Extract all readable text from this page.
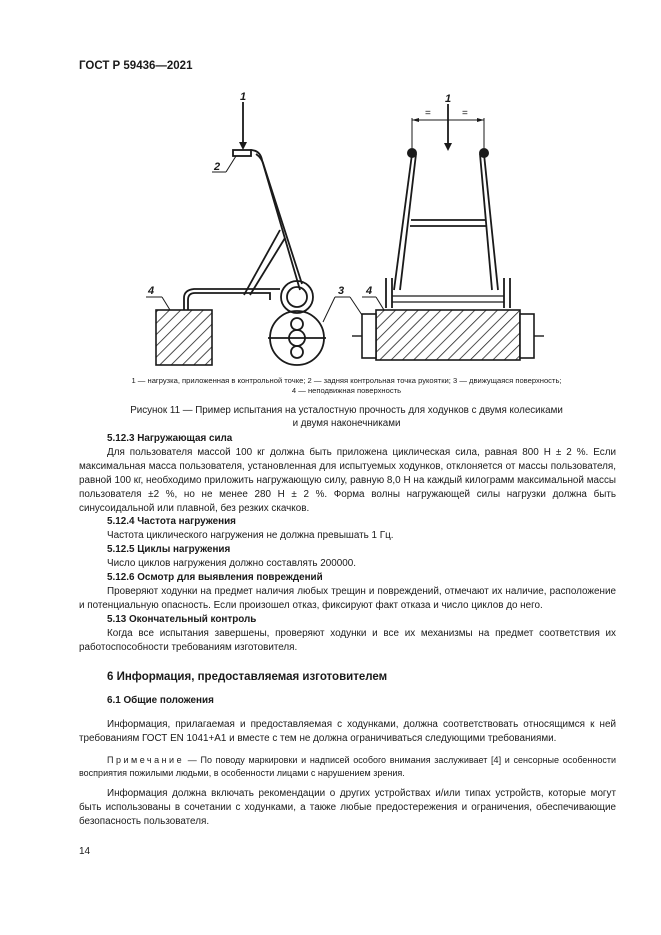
ГОСТ Р 59436—2021
4
1
2
3
=	=
1
4
1 — нагрузка, приложенная в контрольной точке; 2 — задняя контрольная точка рукоятки; 3 — движущаяся поверхность;
4 — неподвижная поверхность
Рисунок 11 — Пример испытания на усталостную прочность для ходунков с двумя колесиками
и двумя наконечниками

5.12.3 Нагружающая сила

Для пользователя массой 100 кг должна быть приложена циклическая сила, равная 800 Н ± 2 %. Если максимальная масса пользователя, установленная для испытуемых ходунков, отклоняется от массы пользователя, равной 100 кг, необходимо приложить нагружающую силу, равную 8,0 Н на каждый килограмм максимальной массы пользователя ±2 %, но не менее 280 Н ± 2 %. Форма волны нагружающей силы нагрузки должна быть синусоидальной или плавной, без резких скачков.

5.12.4 Частота нагружения

Частота циклического нагружения не должна превышать 1 Гц.

5.12.5 Циклы нагружения

Число циклов нагружения должно составлять 200000.

5.12.6 Осмотр для выявления повреждений

Проверяют ходунки на предмет наличия любых трещин и повреждений, отмечают их наличие, расположение и потенциальную опасность. Если произошел отказ, фиксируют факт отказа и число циклов до него.

5.13 Окончательный контроль

Когда все испытания завершены, проверяют ходунки и все их механизмы на предмет соответствия их работоспособности требованиям изготовителя.

6 Информация, предоставляемая изготовителем

6.1 Общие положения

Информация, прилагаемая и предоставляемая с ходунками, должна соответствовать относящимся к ней требованиям ГОСТ EN 1041+A1 и вместе с тем не должна ограничиваться следующими требованиями.

Примечание — По поводу маркировки и надписей особого внимания заслуживает [4] и сенсорные особенности восприятия пожилыми людьми, в особенности лицами с нарушением зрения.

Информация должна включать рекомендации о других устройствах и/или типах устройств, которые могут быть использованы в сочетании с ходунками, а также любые предостережения и ограничения, обеспечивающие безопасность пользователя.

14
